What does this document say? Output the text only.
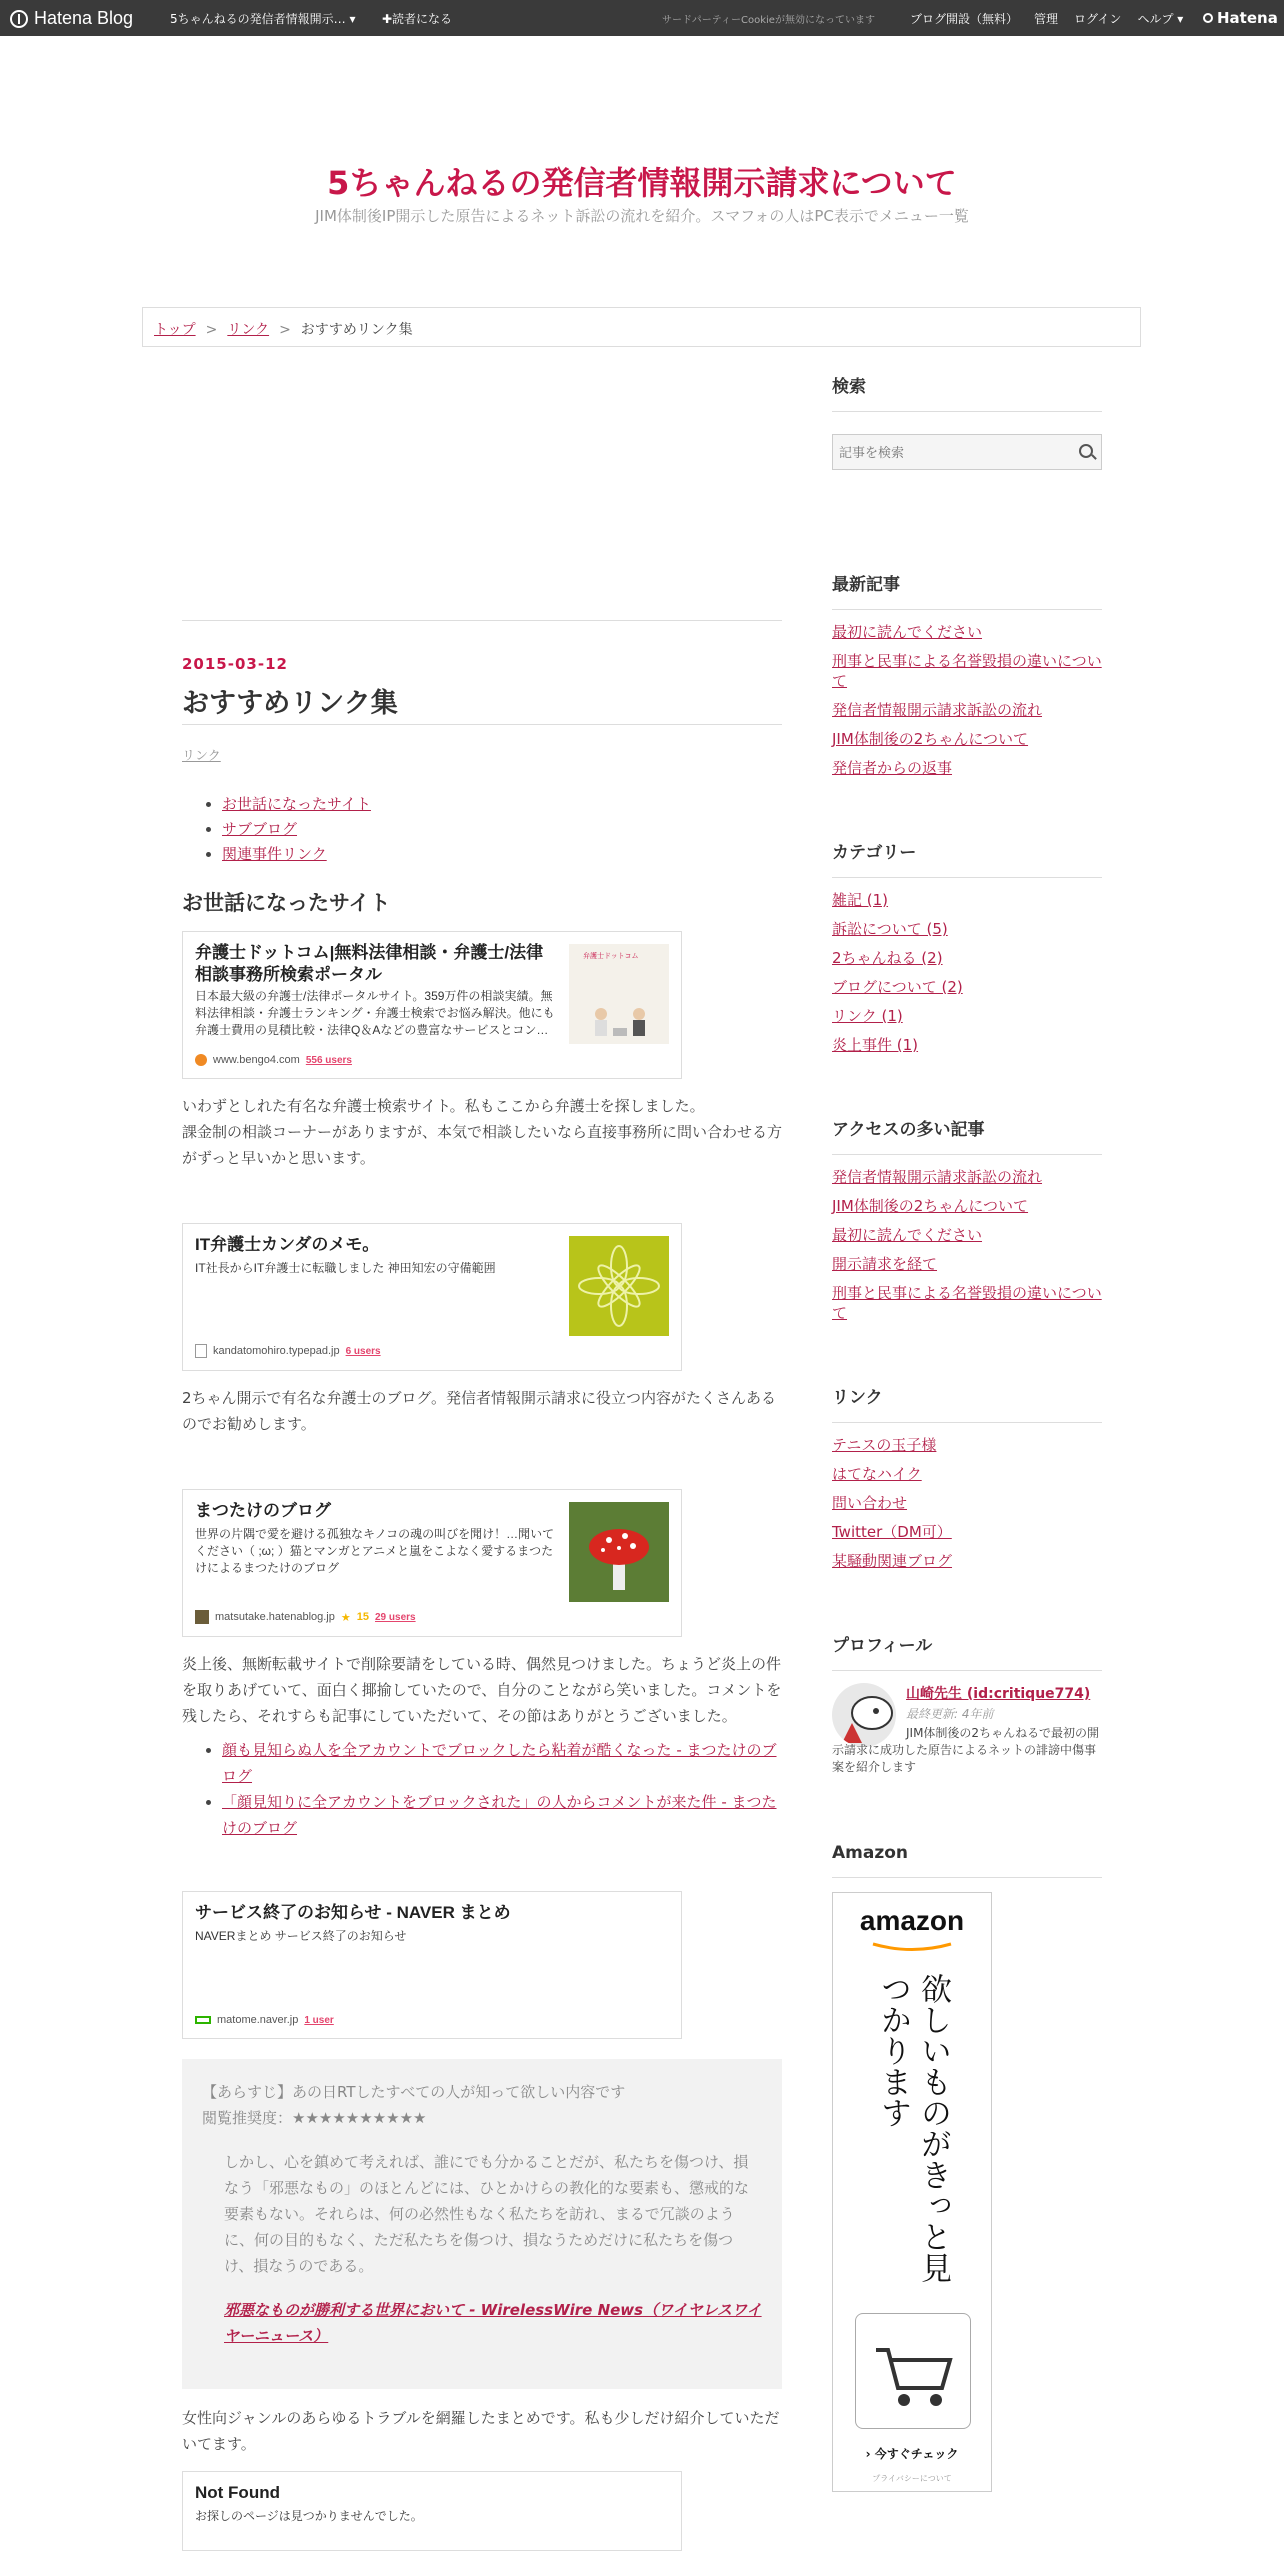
Hatena Blog	5ちゃんねるの発信者情報開示… ▾ ✚読者になる	サードパーティーCookieが無効になっています	ブログ開設（無料） 管理 ログイン ヘルプ ▾ Hatena
5ちゃんねるの発信者情報開示請求について
JIM体制後IP開示した原告によるネット訴訟の流れを紹介。スマフォの人はPC表示でメニュー一覧
トップ > リンク > おすすめリンク集
2015-03-12
おすすめリンク集
リンク
• お世話になったサイト
• サブブログ
• 関連事件リンク
お世話になったサイト
弁護士ドットコム|無料法律相談・弁護士/法律相談事務所検索ポータル
日本最大級の弁護士/法律ポータルサイト。359万件の相談実績。無料法律相談・弁護士ランキング・弁護士検索でお悩み解決。他にも弁護士費用の見積比較・法律Q＆Aなどの豊富なサービスとコン…
弁護士ドットコム
www.bengo4.com 556 users
いわずとしれた有名な弁護士検索サイト。私もここから弁護士を探しました。
課金制の相談コーナーがありますが、本気で相談したいなら直接事務所に問い合わせる方がずっと早いかと思います。
IT弁護士カンダのメモ。
IT社長からIT弁護士に転職しました 神田知宏の守備範囲
kandatomohiro.typepad.jp 6 users
2ちゃん開示で有名な弁護士のブログ。発信者情報開示請求に役立つ内容がたくさんあるのでお勧めします。
まつたけのブログ
世界の片隅で愛を避ける孤独なキノコの魂の叫びを聞け！…聞いてください（ ;ω; ）猫とマンガとアニメと嵐をこよなく愛するまつたけによるまつたけのブログ
matsutake.hatenablog.jp ★ 15 29 users
炎上後、無断転載サイトで削除要請をしている時、偶然見つけました。ちょうど炎上の件を取りあげていて、面白く揶揄していたので、自分のことながら笑いました。コメントを残したら、それすらも記事にしていただいて、その節はありがとうございました。
• 顔も見知らぬ人を全アカウントでブロックしたら粘着が酷くなった - まつたけのブログ
• 「顔見知りに全アカウントをブロックされた」の人からコメントが来た件 - まつたけのブログ
サービス終了のお知らせ - NAVER まとめ
NAVERまとめ サービス終了のお知らせ
matome.naver.jp 1 user
【あらすじ】あの日RTしたすべての人が知って欲しい内容です
閲覧推奨度：★★★★★★★★★★
しかし、心を鎮めて考えれば、誰にでも分かることだが、私たちを傷つけ、損なう「邪悪なもの」のほとんどには、ひとかけらの教化的な要素も、懲戒的な要素もない。それらは、何の必然性もなく私たちを訪れ、まるで冗談のように、何の目的もなく、ただ私たちを傷つけ、損なうためだけに私たちを傷つけ、損なうのである。
邪悪なものが勝利する世界において - WirelessWire News（ワイヤレスワイヤーニュース）
女性向ジャンルのあらゆるトラブルを網羅したまとめです。私も少しだけ紹介していただいてます。
Not Found
お探しのページは見つかりませんでした。
検索
記事を検索
最新記事
最初に読んでください
刑事と民事による名誉毀損の違いについて
発信者情報開示請求訴訟の流れ
JIM体制後の2ちゃんについて
発信者からの返事
カテゴリー
雑記 (1)
訴訟について (5)
2ちゃんねる (2)
ブログについて (2)
リンク (1)
炎上事件 (1)
アクセスの多い記事
発信者情報開示請求訴訟の流れ
JIM体制後の2ちゃんについて
最初に読んでください
開示請求を経て
刑事と民事による名誉毀損の違いについて
リンク
テニスの玉子様
はてなハイク
問い合わせ
Twitter（DM可）
某騒動関連ブログ
プロフィール
山崎先生 (id:critique774)
最終更新: 4年前
JIM体制後の2ちゃんねるで最初の開示請求に成功した原告によるネットの誹謗中傷事案を紹介します
Amazon
amazon
欲しいものがきっと見つかります
› 今すぐチェック
プライバシーについて
